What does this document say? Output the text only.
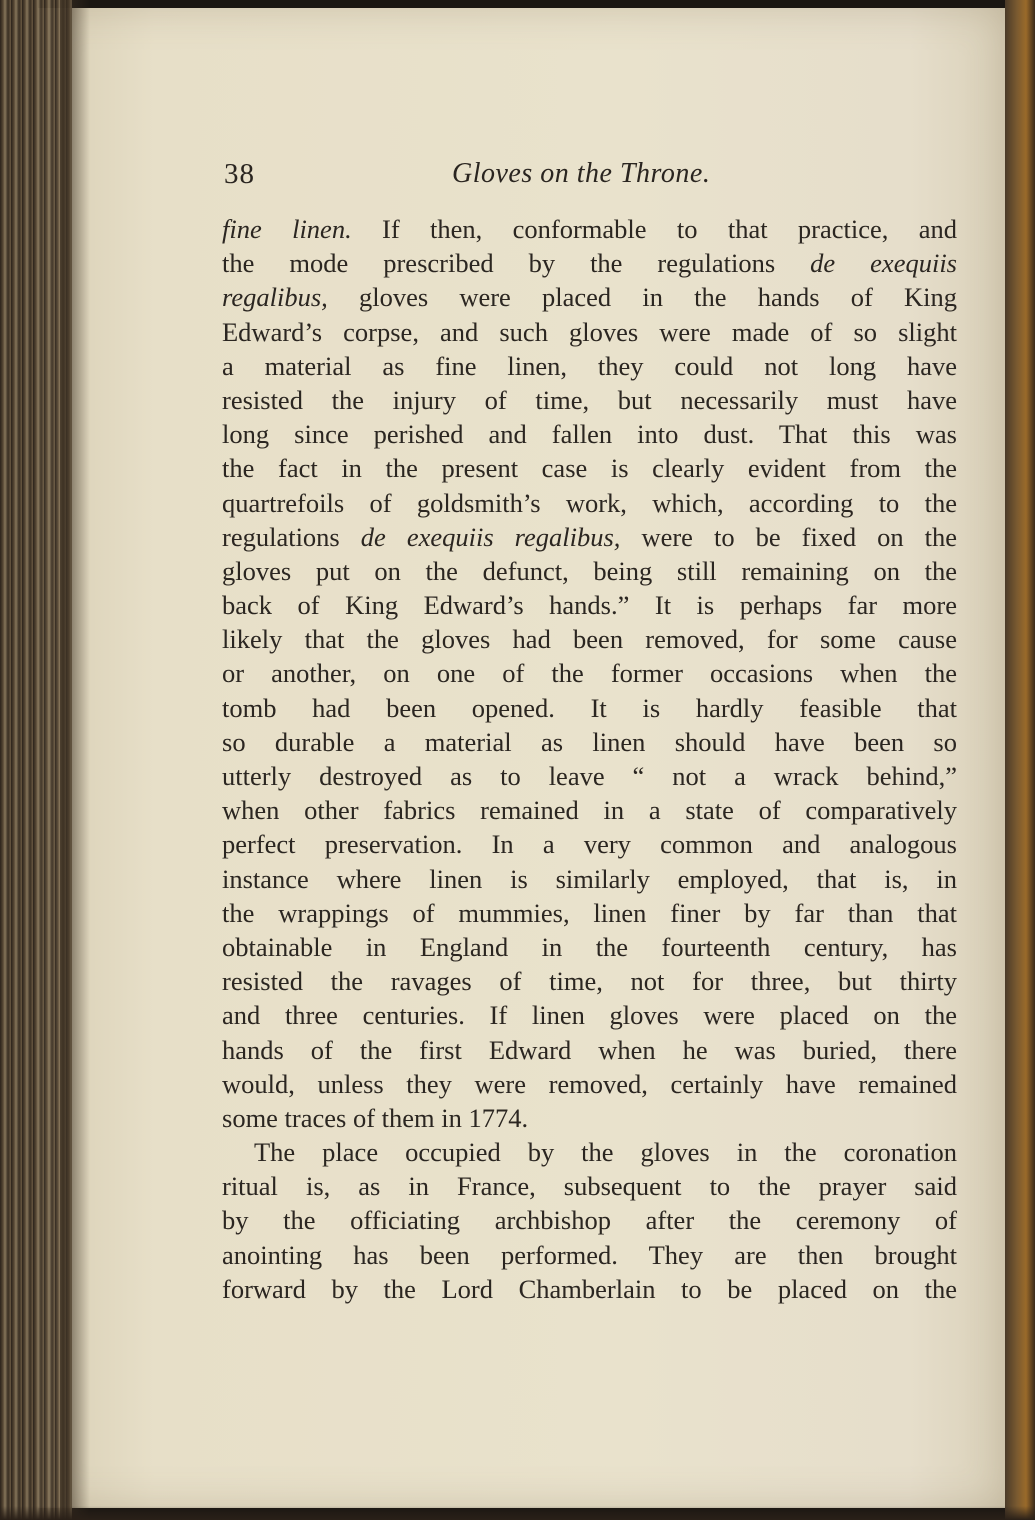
38	Gloves on the Throne.
fine linen. If then, conformable to that practice, and
the mode prescribed by the regulations de exequiis
regalibus, gloves were placed in the hands of King
Edward’s corpse, and such gloves were made of so slight
a material as fine linen, they could not long have
resisted the injury of time, but necessarily must have
long since perished and fallen into dust. That this was
the fact in the present case is clearly evident from the
quartrefoils of goldsmith’s work, which, according to the
regulations de exequiis regalibus, were to be fixed on the
gloves put on the defunct, being still remaining on the
back of King Edward’s hands.” It is perhaps far more
likely that the gloves had been removed, for some cause
or another, on one of the former occasions when the
tomb had been opened. It is hardly feasible that
so durable a material as linen should have been so
utterly destroyed as to leave “ not a wrack behind,”
when other fabrics remained in a state of comparatively
perfect preservation. In a very common and analogous
instance where linen is similarly employed, that is, in
the wrappings of mummies, linen finer by far than that
obtainable in England in the fourteenth century, has
resisted the ravages of time, not for three, but thirty
and three centuries. If linen gloves were placed on the
hands of the first Edward when he was buried, there
would, unless they were removed, certainly have remained
some traces of them in 1774.
The place occupied by the gloves in the coronation
ritual is, as in France, subsequent to the prayer said
by the officiating archbishop after the ceremony of
anointing has been performed. They are then brought
forward by the Lord Chamberlain to be placed on the
